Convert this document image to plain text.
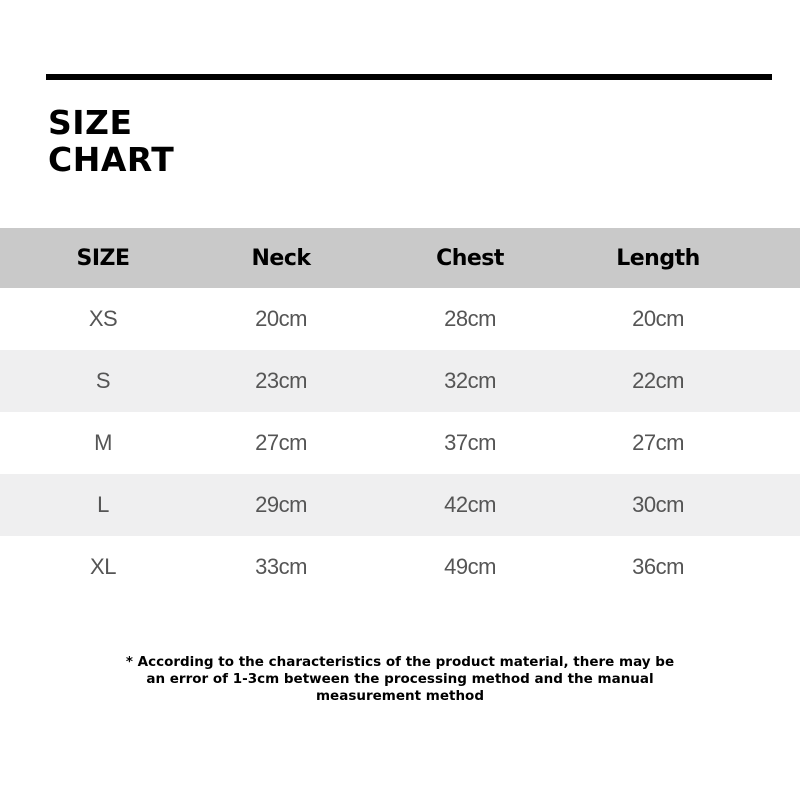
SIZE
CHART
SIZE	Neck	Chest	Length
XS	20cm	28cm	20cm
S	23cm	32cm	22cm
M	27cm	37cm	27cm
L	29cm	42cm	30cm
XL	33cm	49cm	36cm
* According to the characteristics of the product material, there may be an error of 1-3cm between the processing method and the manual measurement method
